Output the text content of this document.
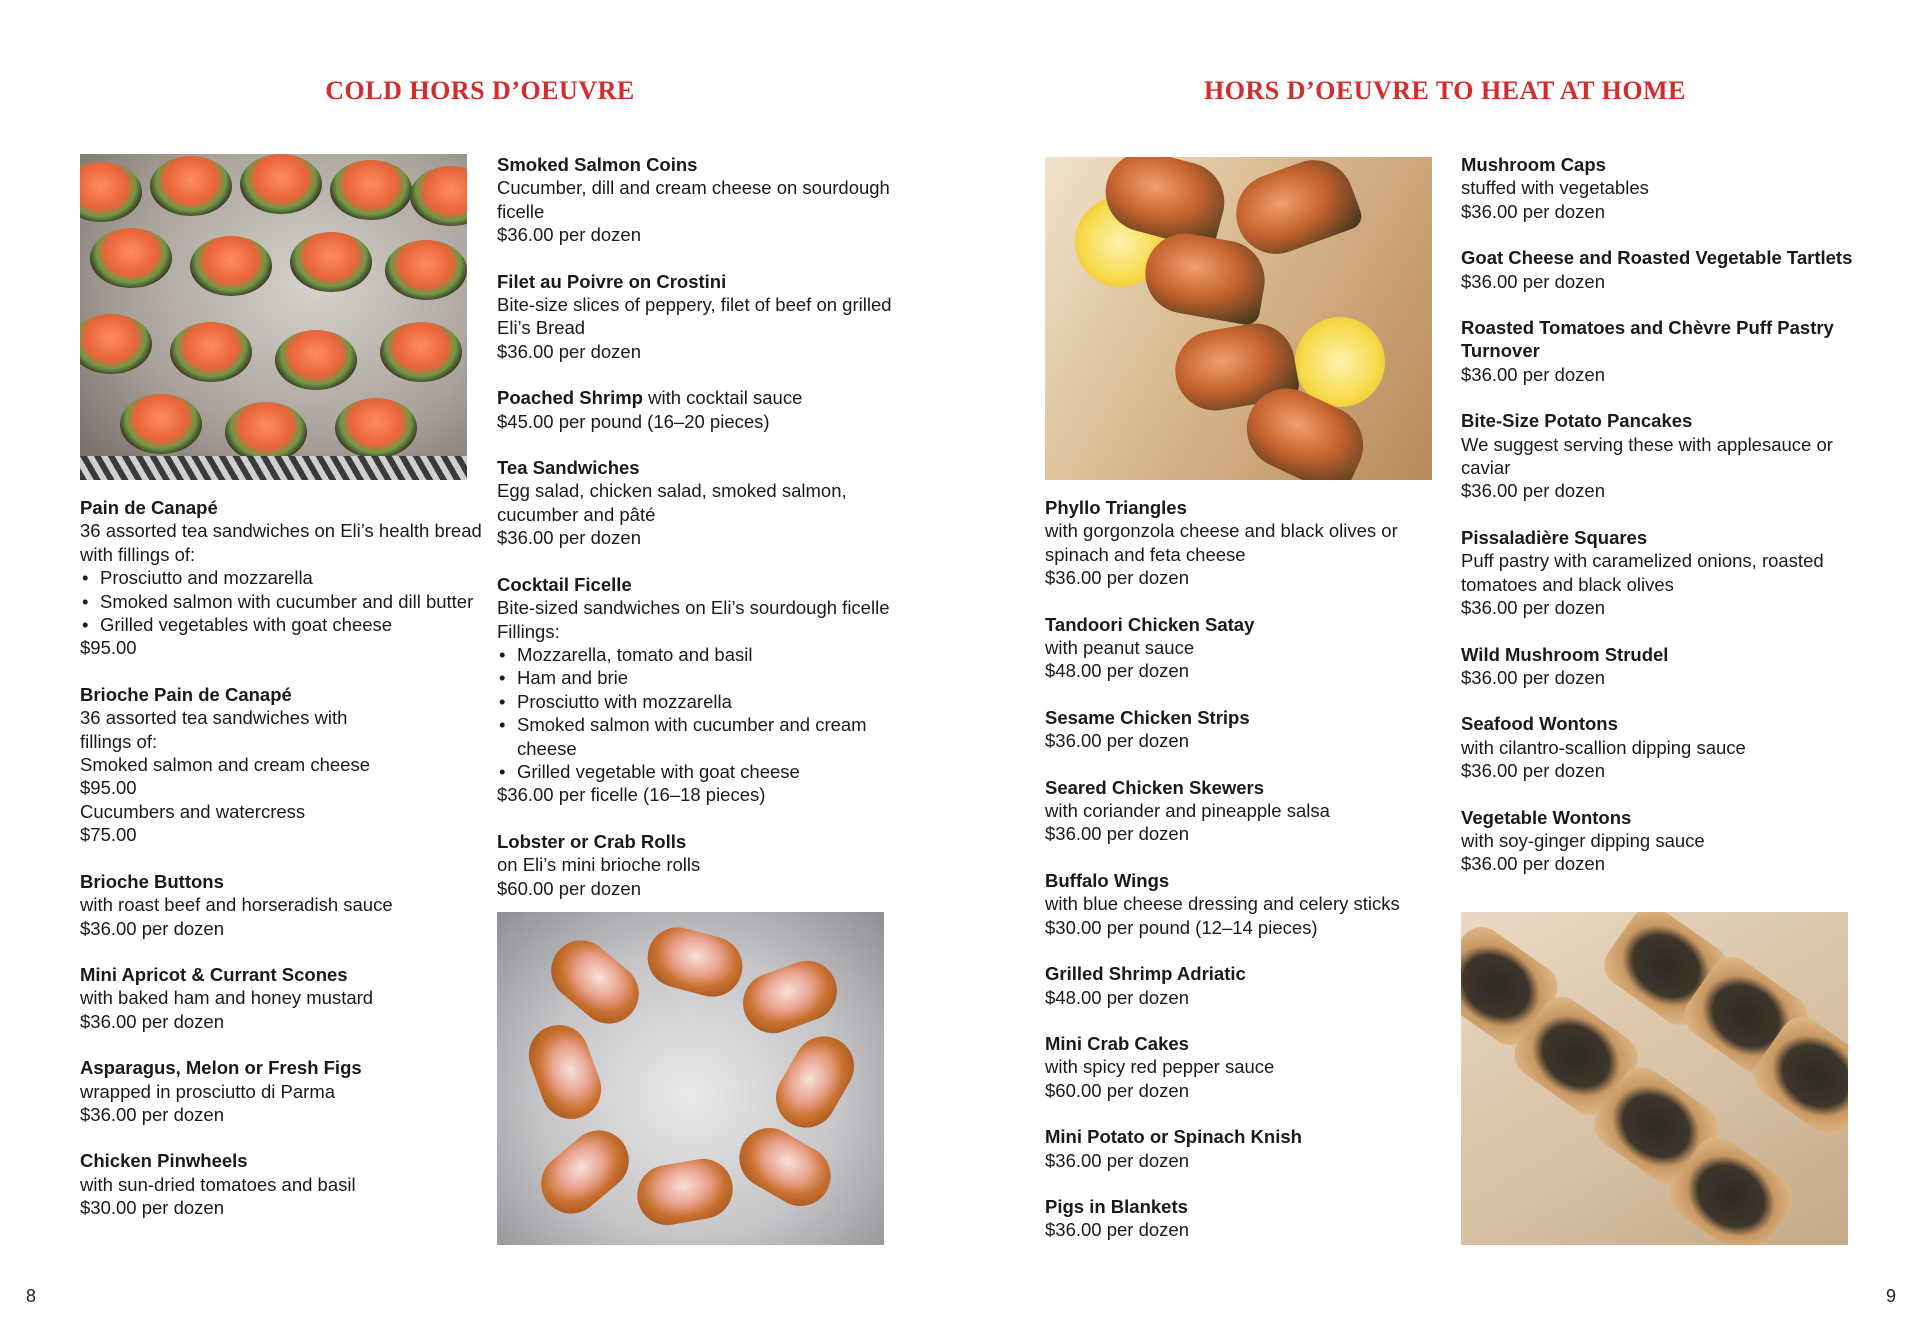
COLD HORS D’OEUVRE	HORS D’OEUVRE TO HEAT AT HOME
Pain de Canapé
36 assorted tea sandwiches on Eli’s health bread
with fillings of:
• Prosciutto and mozzarella
• Smoked salmon with cucumber and dill butter
• Grilled vegetables with goat cheese
$95.00
Brioche Pain de Canapé
36 assorted tea sandwiches with
fillings of:
Smoked salmon and cream cheese
$95.00
Cucumbers and watercress
$75.00
Brioche Buttons
with roast beef and horseradish sauce
$36.00 per dozen
Mini Apricot & Currant Scones
with baked ham and honey mustard
$36.00 per dozen
Asparagus, Melon or Fresh Figs
wrapped in prosciutto di Parma
$36.00 per dozen
Chicken Pinwheels
with sun-dried tomatoes and basil
$30.00 per dozen
Smoked Salmon Coins
Cucumber, dill and cream cheese on sourdough ficelle
$36.00 per dozen
Filet au Poivre on Crostini
Bite-size slices of peppery, filet of beef on grilled Eli’s Bread
$36.00 per dozen
Poached Shrimp with cocktail sauce
$45.00 per pound (16–20 pieces)
Tea Sandwiches
Egg salad, chicken salad, smoked salmon, cucumber and pâté
$36.00 per dozen
Cocktail Ficelle
Bite-sized sandwiches on Eli’s sourdough ficelle
Fillings:
• Mozzarella, tomato and basil
• Ham and brie
• Prosciutto with mozzarella
• Smoked salmon with cucumber and cream cheese
• Grilled vegetable with goat cheese
$36.00 per ficelle (16–18 pieces)
Lobster or Crab Rolls
on Eli’s mini brioche rolls
$60.00 per dozen
Phyllo Triangles
with gorgonzola cheese and black olives or spinach and feta cheese
$36.00 per dozen
Tandoori Chicken Satay
with peanut sauce
$48.00 per dozen
Sesame Chicken Strips
$36.00 per dozen
Seared Chicken Skewers
with coriander and pineapple salsa
$36.00 per dozen
Buffalo Wings
with blue cheese dressing and celery sticks
$30.00 per pound (12–14 pieces)
Grilled Shrimp Adriatic
$48.00 per dozen
Mini Crab Cakes
with spicy red pepper sauce
$60.00 per dozen
Mini Potato or Spinach Knish
$36.00 per dozen
Pigs in Blankets
$36.00 per dozen
Mushroom Caps
stuffed with vegetables
$36.00 per dozen
Goat Cheese and Roasted Vegetable Tartlets
$36.00 per dozen
Roasted Tomatoes and Chèvre Puff Pastry Turnover
$36.00 per dozen
Bite-Size Potato Pancakes
We suggest serving these with applesauce or caviar
$36.00 per dozen
Pissaladière Squares
Puff pastry with caramelized onions, roasted tomatoes and black olives
$36.00 per dozen
Wild Mushroom Strudel
$36.00 per dozen
Seafood Wontons
with cilantro-scallion dipping sauce
$36.00 per dozen
Vegetable Wontons
with soy-ginger dipping sauce
$36.00 per dozen
8	9
